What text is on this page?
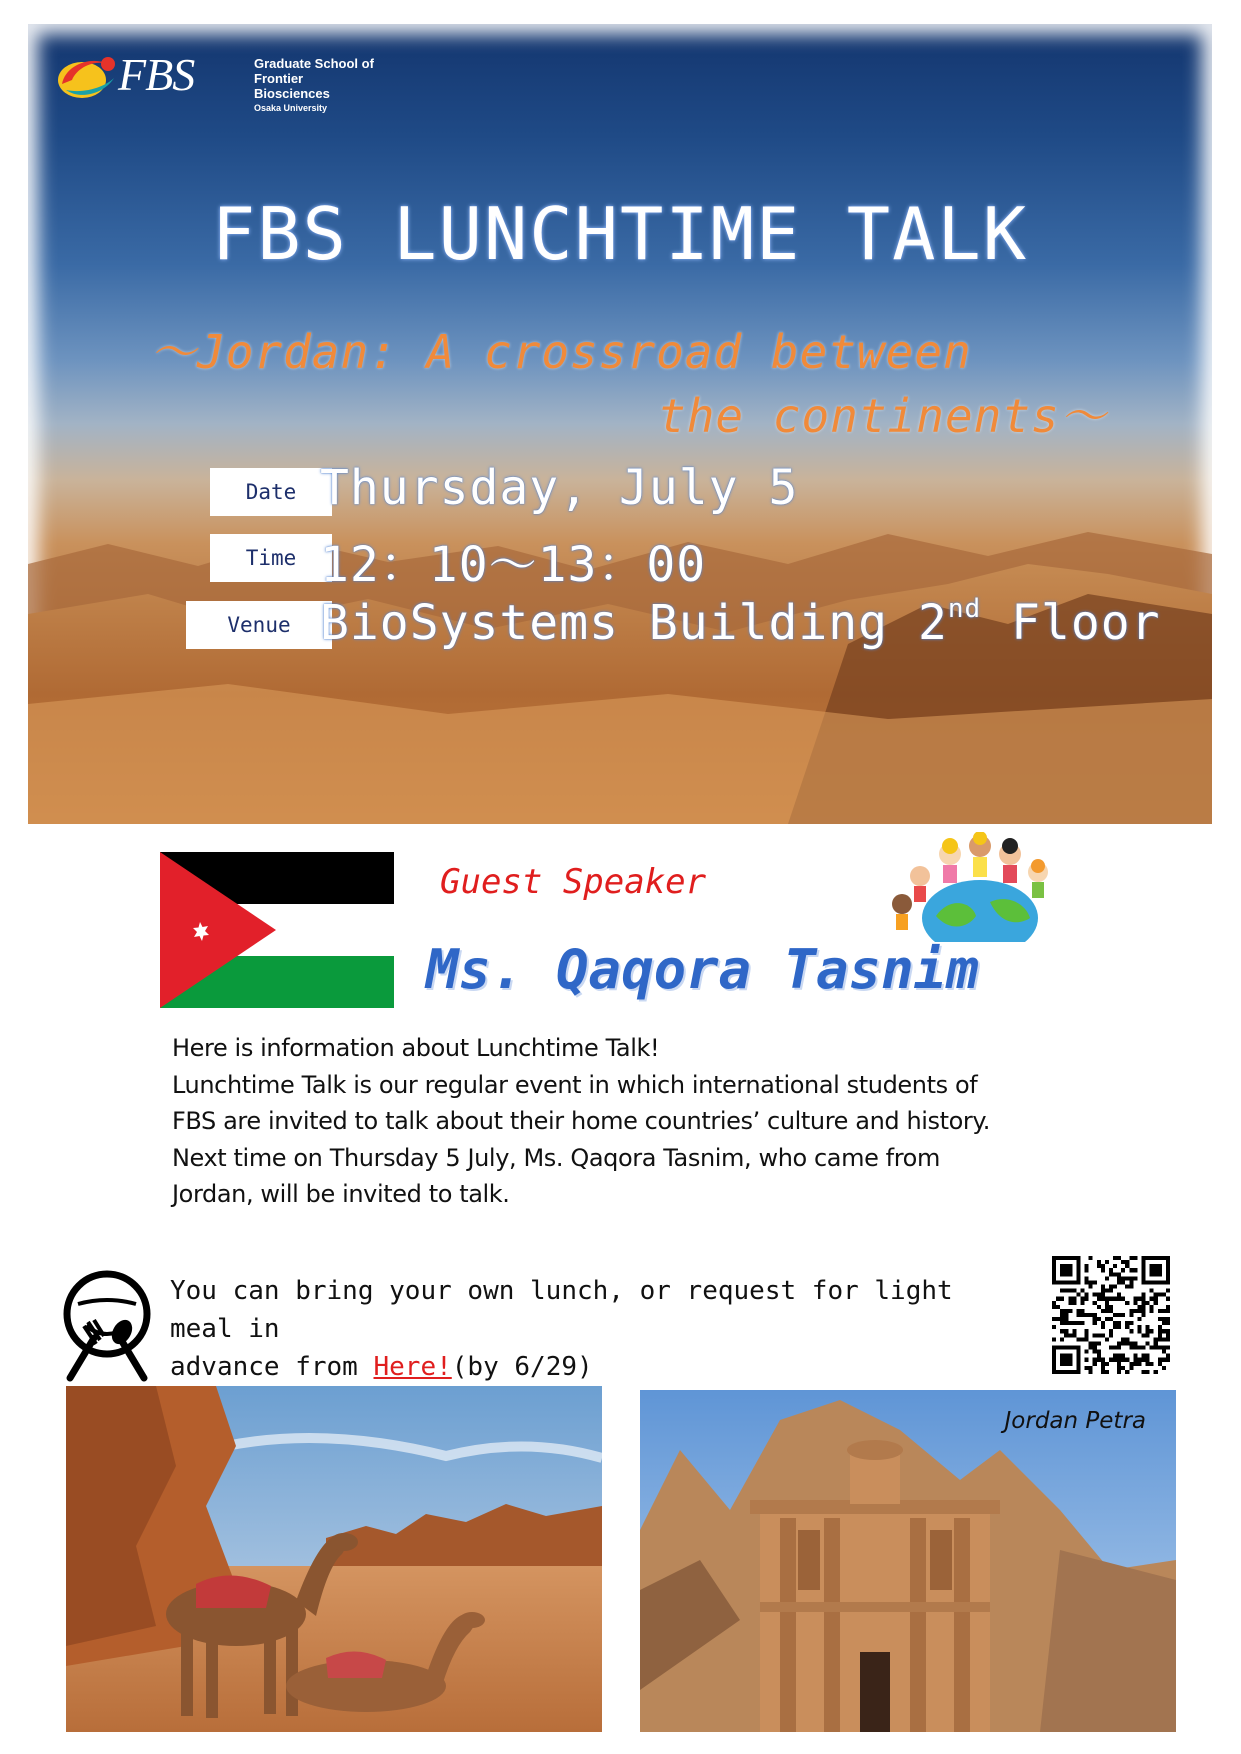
FBS	Graduate School of
Frontier Biosciences
Osaka University
FBS LUNCHTIME TALK
～Jordan: A crossroad between
the continents～
Date Thursday, July 5
Time 12：10～13：00
Venue BioSystems Building 2nd Floor
Guest Speaker
Ms. Qaqora Tasnim

Here is information about Lunchtime Talk!

Lunchtime Talk is our regular event in which international students of

FBS are invited to talk about their home countries’ culture and history.

Next time on Thursday 5 July, Ms. Qaqora Tasnim, who came from

Jordan, will be invited to talk.

You can bring your own lunch, or request for light meal in
advance from Here!(by 6/29)
Jordan Petra
